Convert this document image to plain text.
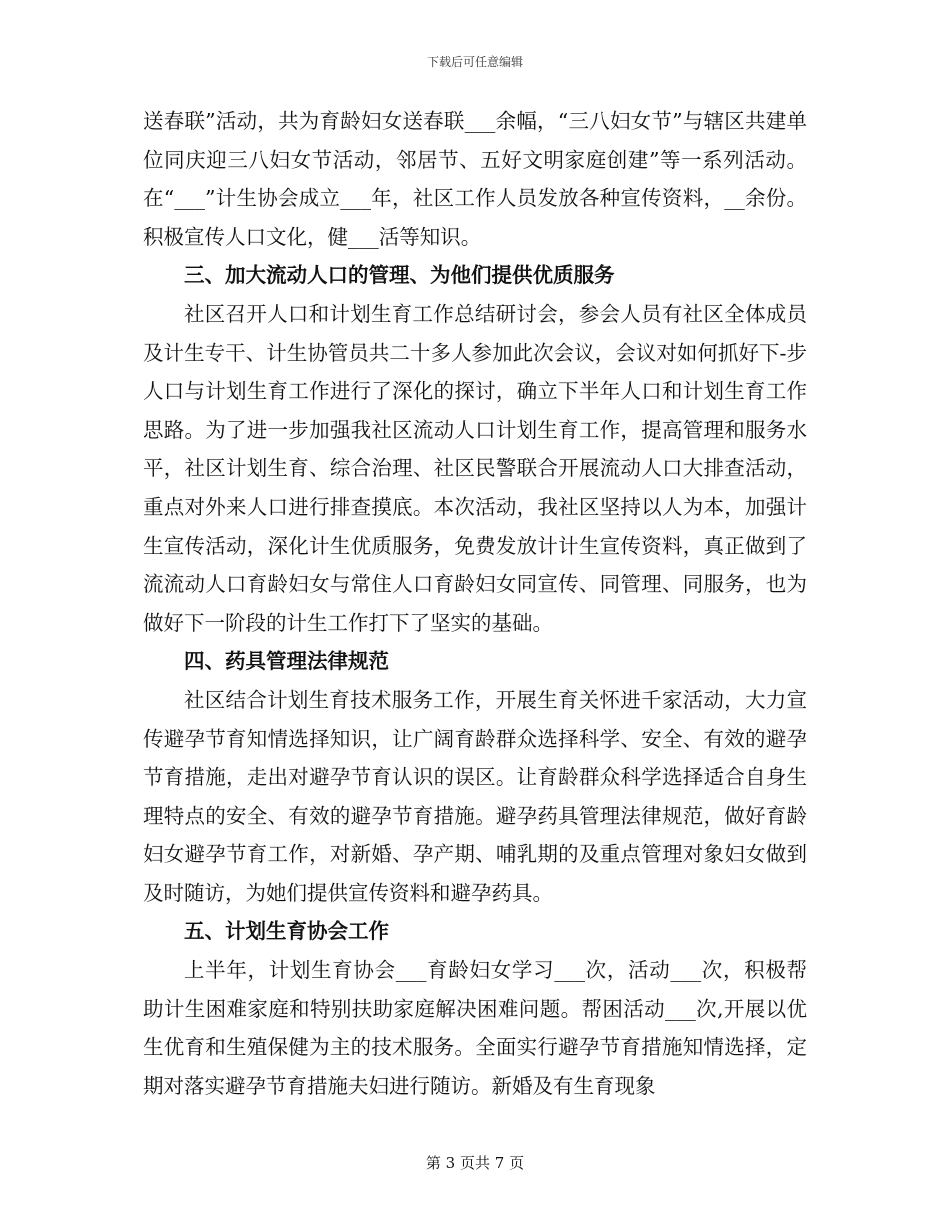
下载后可任意编辑

送春联”活动，共为育龄妇女送春联___余幅，“三八妇女节”与辖区共建单位同庆迎三八妇女节活动，邻居节、五好文明家庭创建”等一系列活动。在“___”计生协会成立___年，社区工作人员发放各种宣传资料，__余份。积极宣传人口文化，健___活等知识。

三、加大流动人口的管理、为他们提供优质服务

社区召开人口和计划生育工作总结研讨会，参会人员有社区全体成员及计生专干、计生协管员共二十多人参加此次会议，会议对如何抓好下-步人口与计划生育工作进行了深化的探讨，确立下半年人口和计划生育工作思路。为了进一步加强我社区流动人口计划生育工作，提高管理和服务水平，社区计划生育、综合治理、社区民警联合开展流动人口大排查活动，重点对外来人口进行排查摸底。本次活动，我社区坚持以人为本，加强计生宣传活动，深化计生优质服务，免费发放计计生宣传资料，真正做到了流流动人口育龄妇女与常住人口育龄妇女同宣传、同管理、同服务，也为做好下一阶段的计生工作打下了坚实的基础。

四、药具管理法律规范

社区结合计划生育技术服务工作，开展生育关怀进千家活动，大力宣传避孕节育知情选择知识，让广阔育龄群众选择科学、安全、有效的避孕节育措施，走出对避孕节育认识的误区。让育龄群众科学选择适合自身生理特点的安全、有效的避孕节育措施。避孕药具管理法律规范，做好育龄妇女避孕节育工作，对新婚、孕产期、哺乳期的及重点管理对象妇女做到及时随访，为她们提供宣传资料和避孕药具。

五、计划生育协会工作

上半年，计划生育协会___育龄妇女学习___次，活动___次，积极帮助计生困难家庭和特别扶助家庭解决困难问题。帮困活动___次,开展以优生优育和生殖保健为主的技术服务。全面实行避孕节育措施知情选择，定期对落实避孕节育措施夫妇进行随访。新婚及有生育现象

第 3 页共 7 页
